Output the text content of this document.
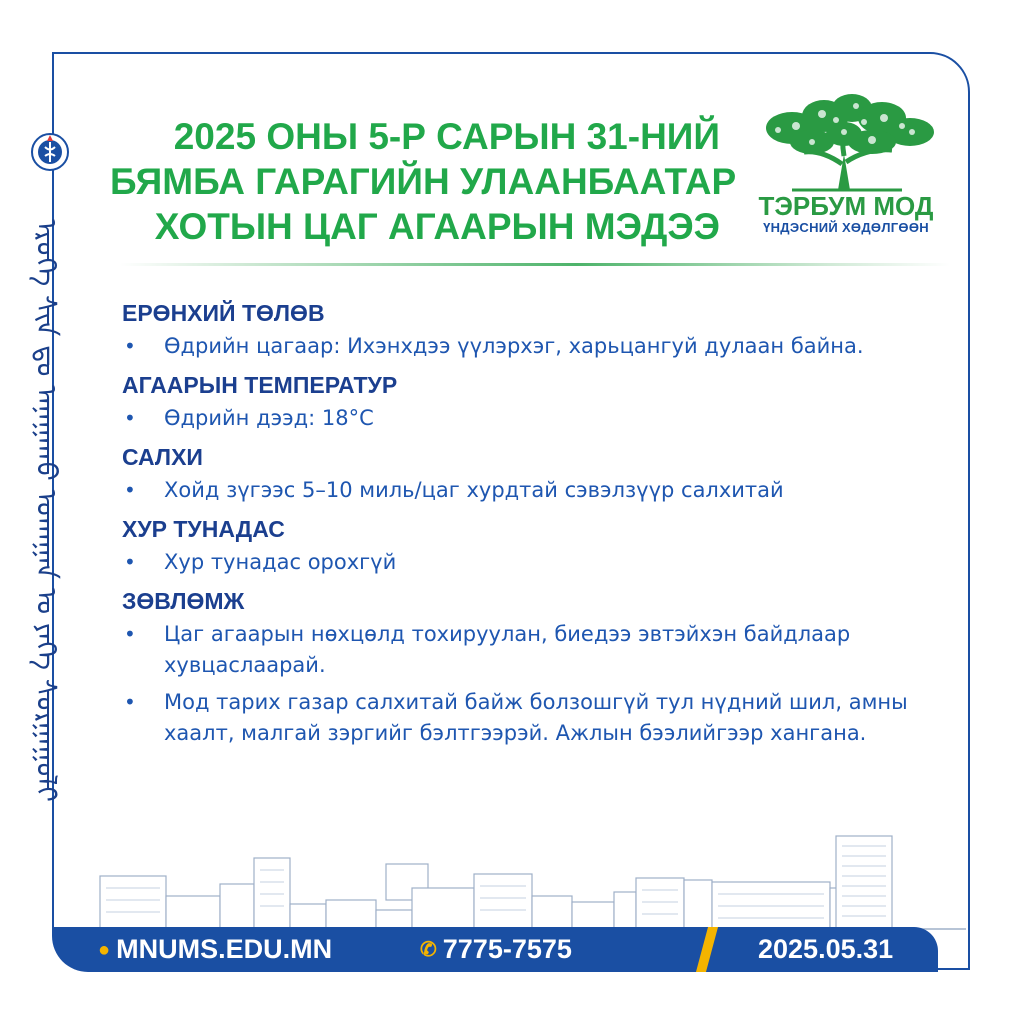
ᠡᠷᠦᠭᠡ ᠰᠢᠨ ᠳᠤ ᠠᠨᠠᠭᠠᠬᠤ ᠤᠬᠠᠭᠠᠨ ᠤ ᠶᠡᠬᠡ ᠰᠤᠷᠭᠠᠭᠤᠯᠢ
2025 ОНЫ 5-Р САРЫН 31-НИЙ
БЯМБА ГАРАГИЙН УЛААНБААТАР
ХОТЫН ЦАГ АГААРЫН МЭДЭЭ ТЭРБУМ МОД
ҮНДЭСНИЙ ХӨДӨЛГӨӨН
ЕРӨНХИЙ ТӨЛӨВ
• Өдрийн цагаар: Ихэнхдээ үүлэрхэг, харьцангуй дулаан байна.
АГААРЫН ТЕМПЕРАТУР
• Өдрийн дээд: 18°C
САЛХИ
• Хойд зүгээс 5–10 миль/цаг хурдтай сэвэлзүүр салхитай
ХУР ТУНАДАС
• Хур тунадас орохгүй
ЗӨВЛӨМЖ
• Цаг агаарын нөхцөлд тохируулан, биедээ эвтэйхэн байдлаар хувцаслаарай.
• Мод тарих газар салхитай байж болзошгүй тул нүдний шил, амны хаалт, малгай зэргийг бэлтгээрэй. Ажлын бээлийгээр хангана.
● MNUMS.EDU.MN	✆ 7775-7575	2025.05.31
